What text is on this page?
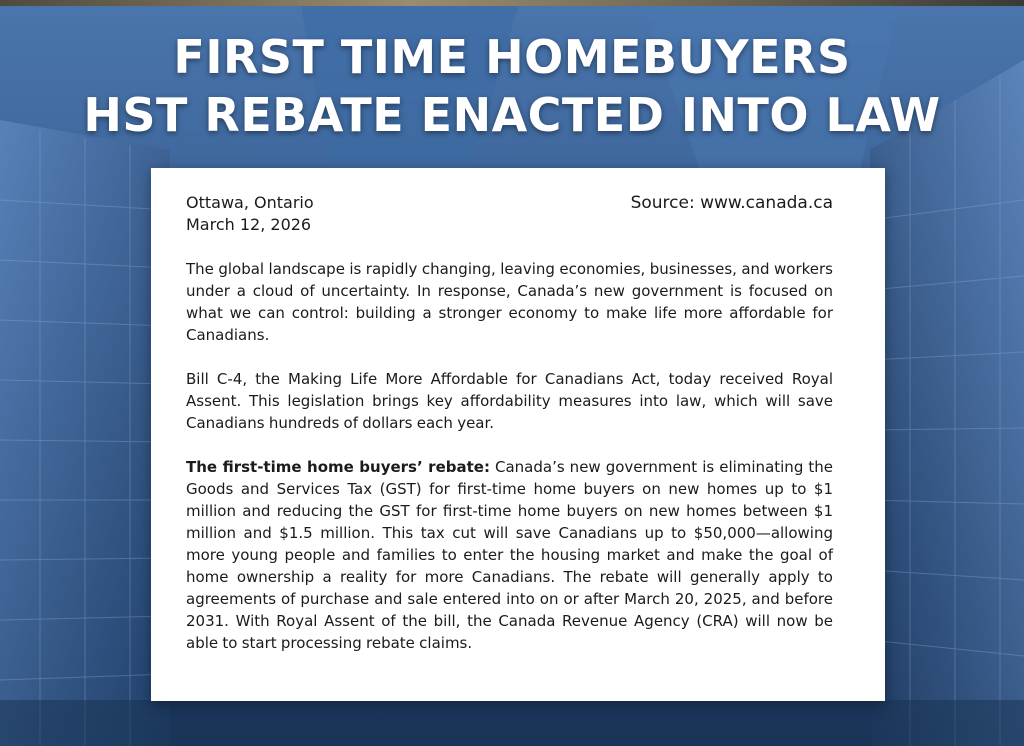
FIRST TIME HOMEBUYERS
HST REBATE ENACTED INTO LAW
Ottawa, Ontario
March 12, 2026
Source: www.canada.ca

The global landscape is rapidly changing, leaving economies, businesses, and workers under a cloud of uncertainty. In response, Canada’s new government is focused on what we can control: building a stronger economy to make life more affordable for Canadians.

Bill C-4, the Making Life More Affordable for Canadians Act, today received Royal Assent. This legislation brings key affordability measures into law, which will save Canadians hundreds of dollars each year.

The first-time home buyers’ rebate: Canada’s new government is eliminating the Goods and Services Tax (GST) for first-time home buyers on new homes up to $1 million and reducing the GST for first-time home buyers on new homes between $1 million and $1.5 million. This tax cut will save Canadians up to $50,000—allowing more young people and families to enter the housing market and make the goal of home ownership a reality for more Canadians. The rebate will generally apply to agreements of purchase and sale entered into on or after March 20, 2025, and before 2031. With Royal Assent of the bill, the Canada Revenue Agency (CRA) will now be able to start processing rebate claims.
